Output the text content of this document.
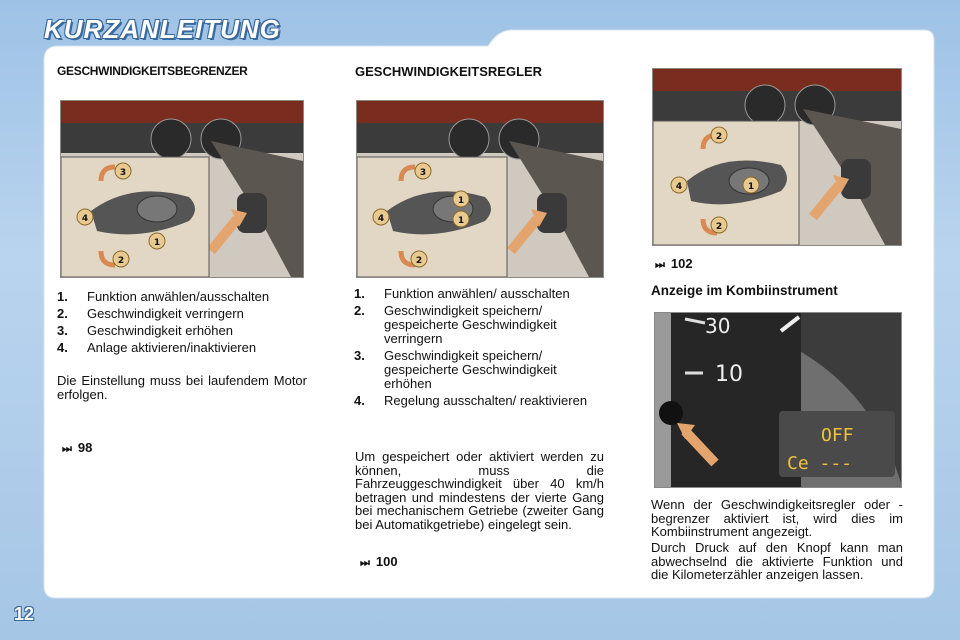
KURZANLEITUNG
12
GESCHWINDIGKEITSBEGRENZER
3
4
1
2
1.	Funktion anwählen/ausschalten
2.	Geschwindigkeit verringern
3.	Geschwindigkeit erhöhen
4.	Anlage aktivieren/inaktivieren

Die Einstellung muss bei laufendem Motor erfolgen.

⏭ 98
GESCHWINDIGKEITSREGLER
3
1
4	1
2
1.	Funktion anwählen/ ausschalten
2.	Geschwindigkeit speichern/ gespeicherte Geschwindigkeit verringern
3.	Geschwindigkeit speichern/ gespeicherte Geschwindigkeit erhöhen
4.	Regelung ausschalten/ reaktivieren

Um gespeichert oder aktiviert werden zu können, muss die Fahrzeuggeschwindigkeit über 40 km/h betragen und mindestens der vierte Gang bei mechanischem Getriebe (zweiter Gang bei Automatikgetriebe) eingelegt sein.

⏭ 100
2
4	1
2
⏭ 102
Anzeige im Kombiinstrument
30
10
OFF
Ce ---

Wenn der Geschwindigkeitsregler oder -begrenzer aktiviert ist, wird dies im Kombiinstrument angezeigt.

Durch Druck auf den Knopf kann man abwechselnd die aktivierte Funktion und die Kilometerzähler anzeigen lassen.
